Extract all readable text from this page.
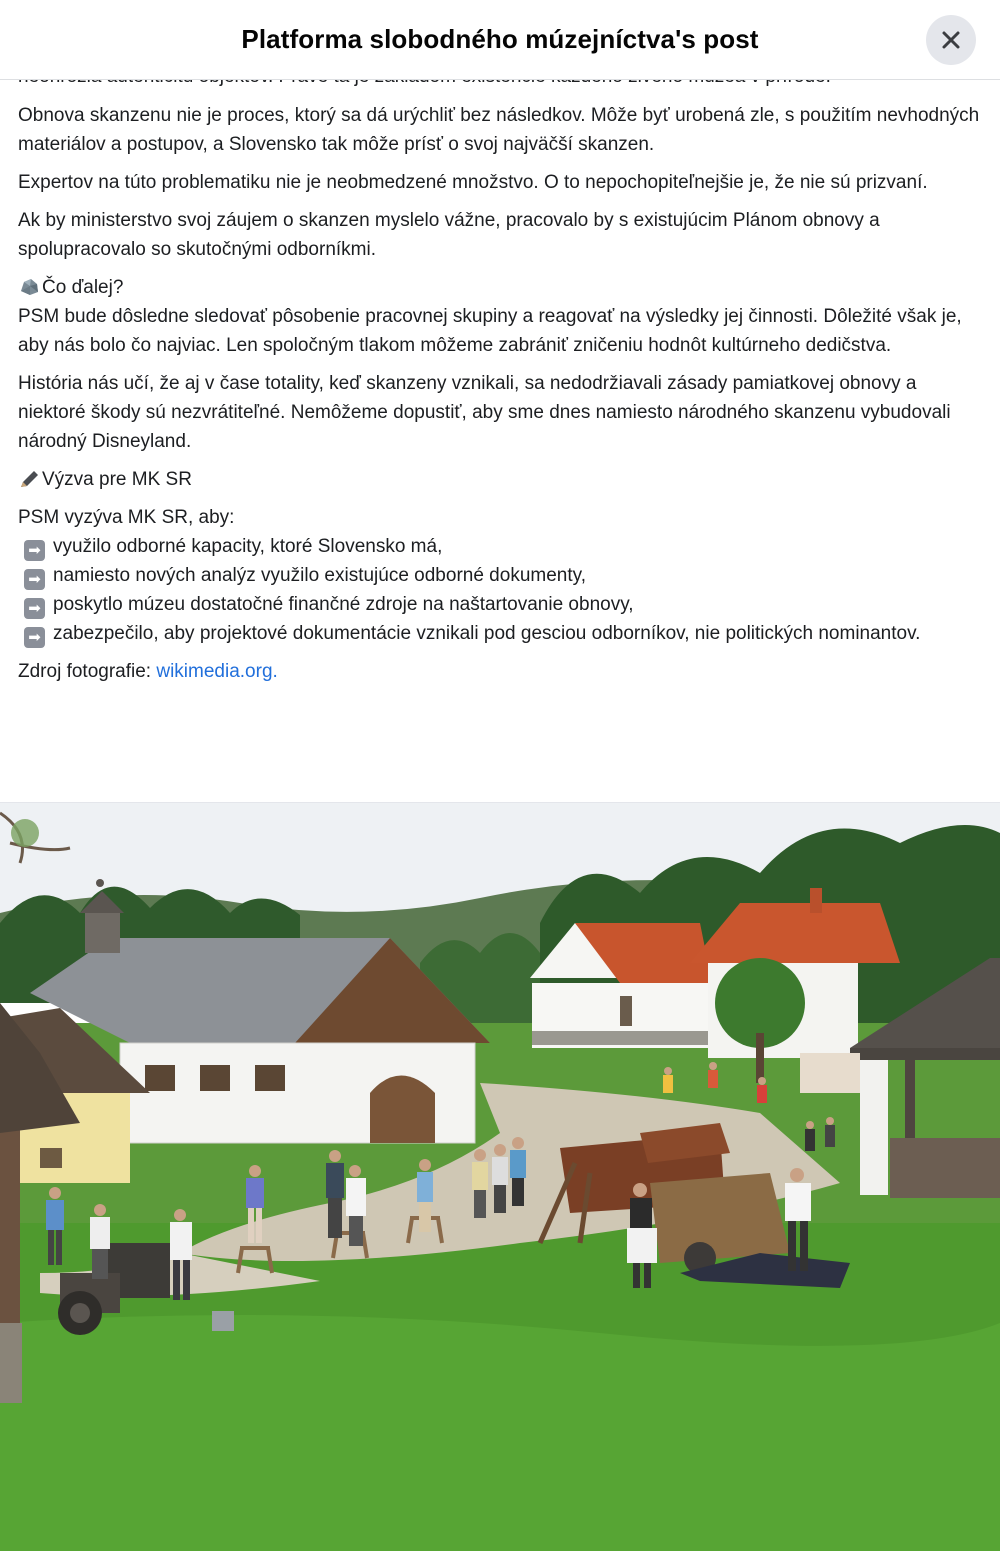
Platforma slobodného múzejníctva's post
Obnova skanzenu nie je proces, ktorý sa dá urýchliť bez následkov. Môže byť urobená zle, s použitím nevhodných materiálov a postupov, a Slovensko tak môže prísť o svoj najväčší skanzen.
Expertov na túto problematiku nie je neobmedzené množstvo. O to nepochopiteľnejšie je, že nie sú prizvaní.
Ak by ministerstvo svoj záujem o skanzen myslelo vážne, pracovalo by s existujúcim Plánom obnovy a spolupracovalo so skutočnými odborníkmi.
Čo ďalej?
PSM bude dôsledne sledovať pôsobenie pracovnej skupiny a reagovať na výsledky jej činnosti. Dôležité však je, aby nás bolo čo najviac. Len spoločným tlakom môžeme zabrániť zničeniu hodnôt kultúrneho dedičstva.
História nás učí, že aj v čase totality, keď skanzeny vznikali, sa nedodržiavali zásady pamiatkovej obnovy a niektoré škody sú nezvrátiteľné. Nemôžeme dopustiť, aby sme dnes namiesto národného skanzenu vybudovali národný Disneyland.
Výzva pre MK SR
PSM vyzýva MK SR, aby:
➡ využilo odborné kapacity, ktoré Slovensko má,
➡ namiesto nových analýz využilo existujúce odborné dokumenty,
➡ poskytlo múzeu dostatočné finančné zdroje na naštartovanie obnovy,
➡ zabezpečilo, aby projektové dokumentácie vznikali pod gesciou odborníkov, nie politických nominantov.
Zdroj fotografie: wikimedia.org.
